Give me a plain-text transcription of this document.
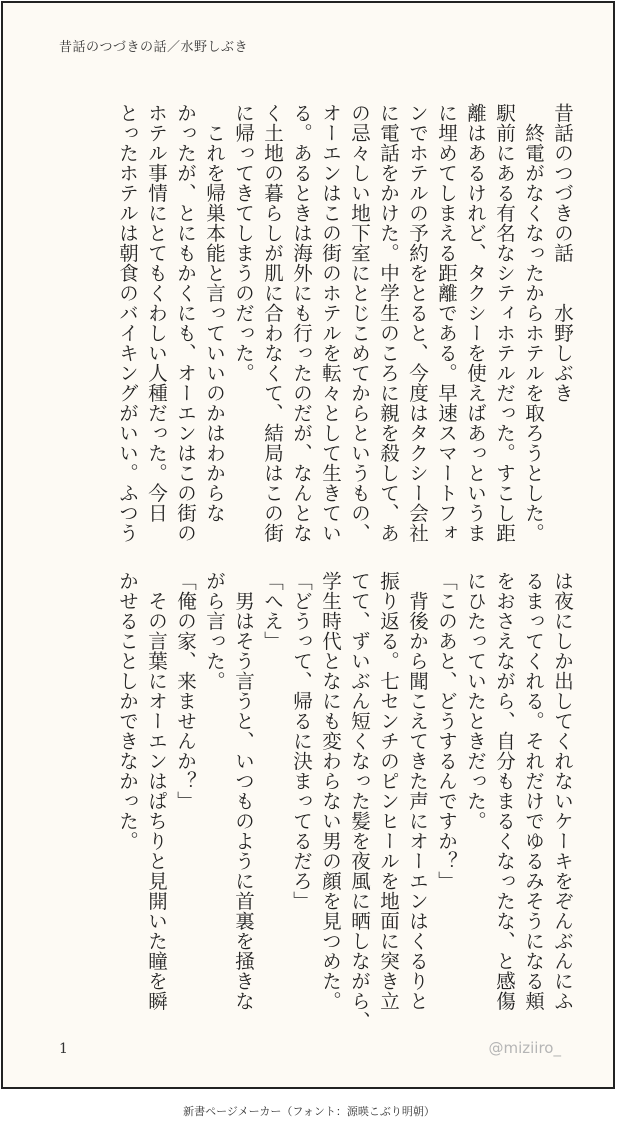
昔話のつづきの話／水野しぶき
昔話のつづきの話　　水野しぶき
　終電がなくなったからホテルを取ろうとした。
駅前にある有名なシティホテルだった。すこし距
離はあるけれど、タクシーを使えばあっというま
に埋めてしまえる距離である。早速スマートフォ
ンでホテルの予約をとると、今度はタクシー会社
に電話をかけた。中学生のころに親を殺して、あ
の忌々しい地下室にとじこめてからというもの、
オーエンはこの街のホテルを転々として生きてい
る。あるときは海外にも行ったのだが、なんとな
く土地の暮らしが肌に合わなくて、結局はこの街
に帰ってきてしまうのだった。
　これを帰巣本能と言っていいのかはわからな
かったが、とにもかくにも、オーエンはこの街の
ホテル事情にとてもくわしい人種だった。今日
とったホテルは朝食のバイキングがいい。ふつう
は夜にしか出してくれないケーキをぞんぶんにふ
るまってくれる。それだけでゆるみそうになる頬
をおさえながら、自分もまるくなったな、と感傷
にひたっていたときだった。
「このあと、どうするんですか？」
　背後から聞こえてきた声にオーエンはくるりと
振り返る。七センチのピンヒールを地面に突き立
てて、ずいぶん短くなった髪を夜風に晒しながら、
学生時代となにも変わらない男の顔を見つめた。
「どうって、帰るに決まってるだろ」
「へえ」
　男はそう言うと、いつものように首裏を掻きな
がら言った。
「俺の家、来ませんか？」
　その言葉にオーエンはぱちりと見開いた瞳を瞬
かせることしかできなかった。
1	@miziiro_
新書ページメーカー（フォント：源暎こぶり明朝）
